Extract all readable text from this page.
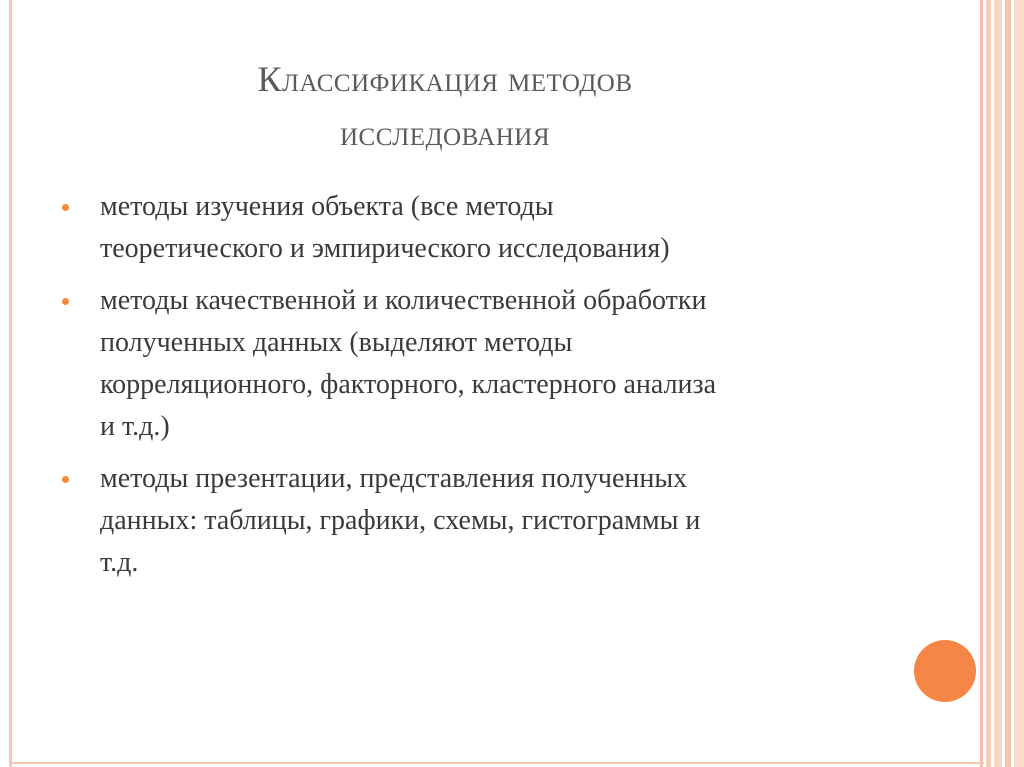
Классификация методов
исследования
методы изучения объекта (все методы
теоретического и эмпирического исследования)
методы качественной и количественной обработки
полученных данных (выделяют методы
корреляционного, факторного, кластерного анализа
и т.д.)
методы презентации, представления полученных
данных: таблицы, графики, схемы, гистограммы и
т.д.
